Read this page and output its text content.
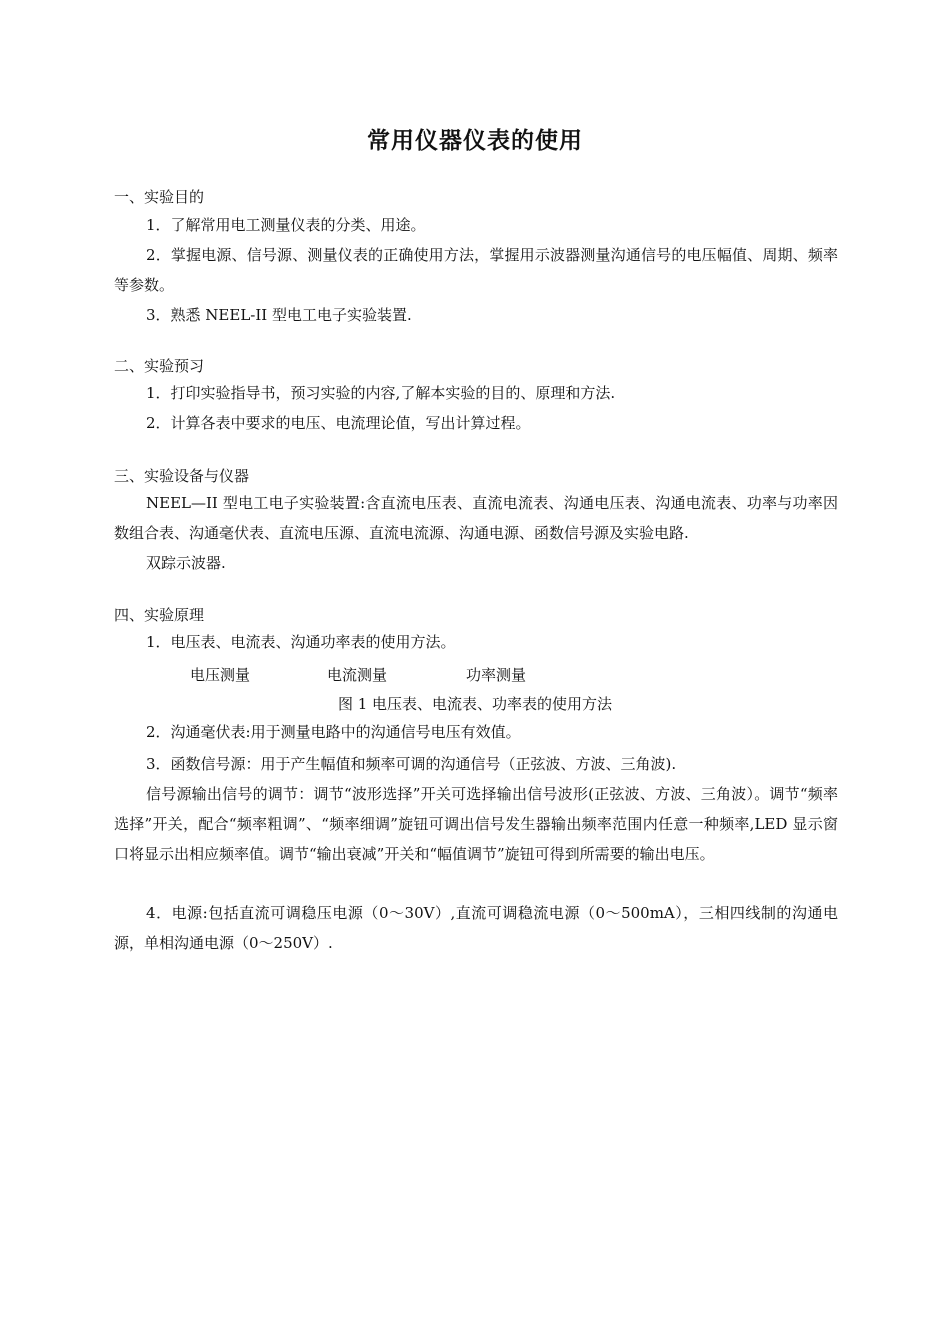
常用仪器仪表的使用
一、实验目的

1．了解常用电工测量仪表的分类、用途。

2．掌握电源、信号源、测量仪表的正确使用方法，掌握用示波器测量沟通信号的电压幅值、周期、频率等参数。

3．熟悉 NEEL-II 型电工电子实验装置.

二、实验预习

1．打印实验指导书，预习实验的内容,了解本实验的目的、原理和方法.

2．计算各表中要求的电压、电流理论值，写出计算过程。

三、实验设备与仪器

NEEL—II 型电工电子实验装置:含直流电压表、直流电流表、沟通电压表、沟通电流表、功率与功率因数组合表、沟通毫伏表、直流电压源、直流电流源、沟通电源、函数信号源及实验电路.

双踪示波器.

四、实验原理

1．电压表、电流表、沟通功率表的使用方法。

电压测量	电流测量	功率测量
图 1 电压表、电流表、功率表的使用方法

2．沟通毫伏表:用于测量电路中的沟通信号电压有效值。

3．函数信号源：用于产生幅值和频率可调的沟通信号（正弦波、方波、三角波).

信号源输出信号的调节：调节“波形选择”开关可选择输出信号波形(正弦波、方波、三角波）。调节“频率选择”开关，配合“频率粗调”、“频率细调”旋钮可调出信号发生器输出频率范围内任意一种频率,LED 显示窗口将显示出相应频率值。调节“输出衰减”开关和“幅值调节”旋钮可得到所需要的输出电压。

4．电源:包括直流可调稳压电源（0～30V）,直流可调稳流电源（0～500mA），三相四线制的沟通电源，单相沟通电源（0～250V）.
